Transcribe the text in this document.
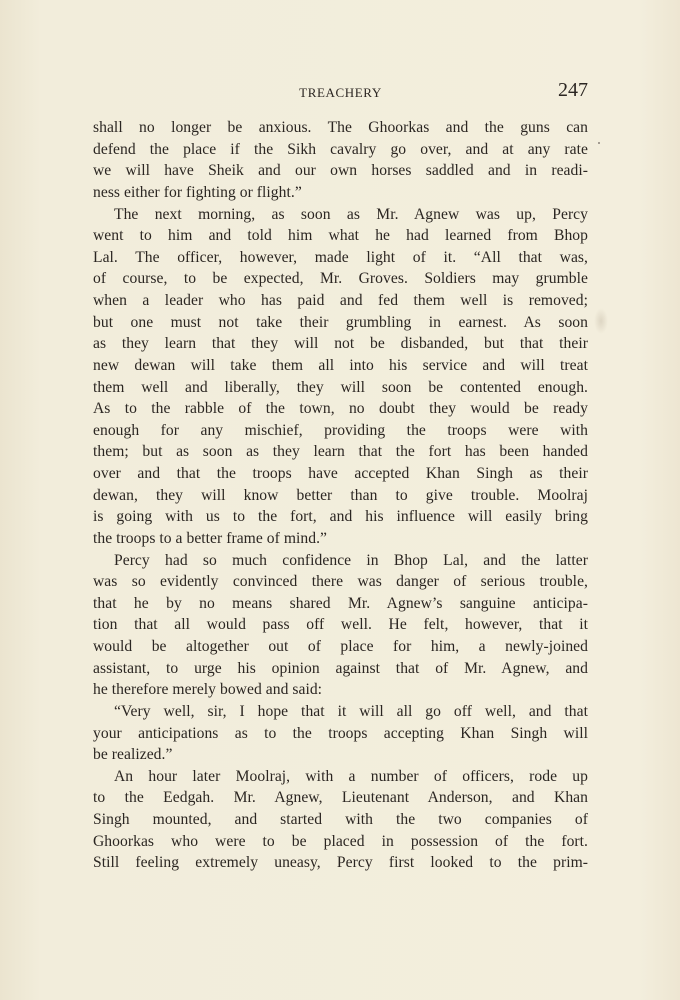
TREACHERY	247
shall no longer be anxious. The Ghoorkas and the guns can
defend the place if the Sikh cavalry go over, and at any rate
we will have Sheik and our own horses saddled and in readi-
ness either for fighting or flight.”
The next morning, as soon as Mr. Agnew was up, Percy
went to him and told him what he had learned from Bhop
Lal. The officer, however, made light of it. “All that was,
of course, to be expected, Mr. Groves. Soldiers may grumble
when a leader who has paid and fed them well is removed;
but one must not take their grumbling in earnest. As soon
as they learn that they will not be disbanded, but that their
new dewan will take them all into his service and will treat
them well and liberally, they will soon be contented enough.
As to the rabble of the town, no doubt they would be ready
enough for any mischief, providing the troops were with
them; but as soon as they learn that the fort has been handed
over and that the troops have accepted Khan Singh as their
dewan, they will know better than to give trouble. Moolraj
is going with us to the fort, and his influence will easily bring
the troops to a better frame of mind.”
Percy had so much confidence in Bhop Lal, and the latter
was so evidently convinced there was danger of serious trouble,
that he by no means shared Mr. Agnew’s sanguine anticipa-
tion that all would pass off well. He felt, however, that it
would be altogether out of place for him, a newly-joined
assistant, to urge his opinion against that of Mr. Agnew, and
he therefore merely bowed and said:
“Very well, sir, I hope that it will all go off well, and that
your anticipations as to the troops accepting Khan Singh will
be realized.”
An hour later Moolraj, with a number of officers, rode up
to the Eedgah. Mr. Agnew, Lieutenant Anderson, and Khan
Singh mounted, and started with the two companies of
Ghoorkas who were to be placed in possession of the fort.
Still feeling extremely uneasy, Percy first looked to the prim-
